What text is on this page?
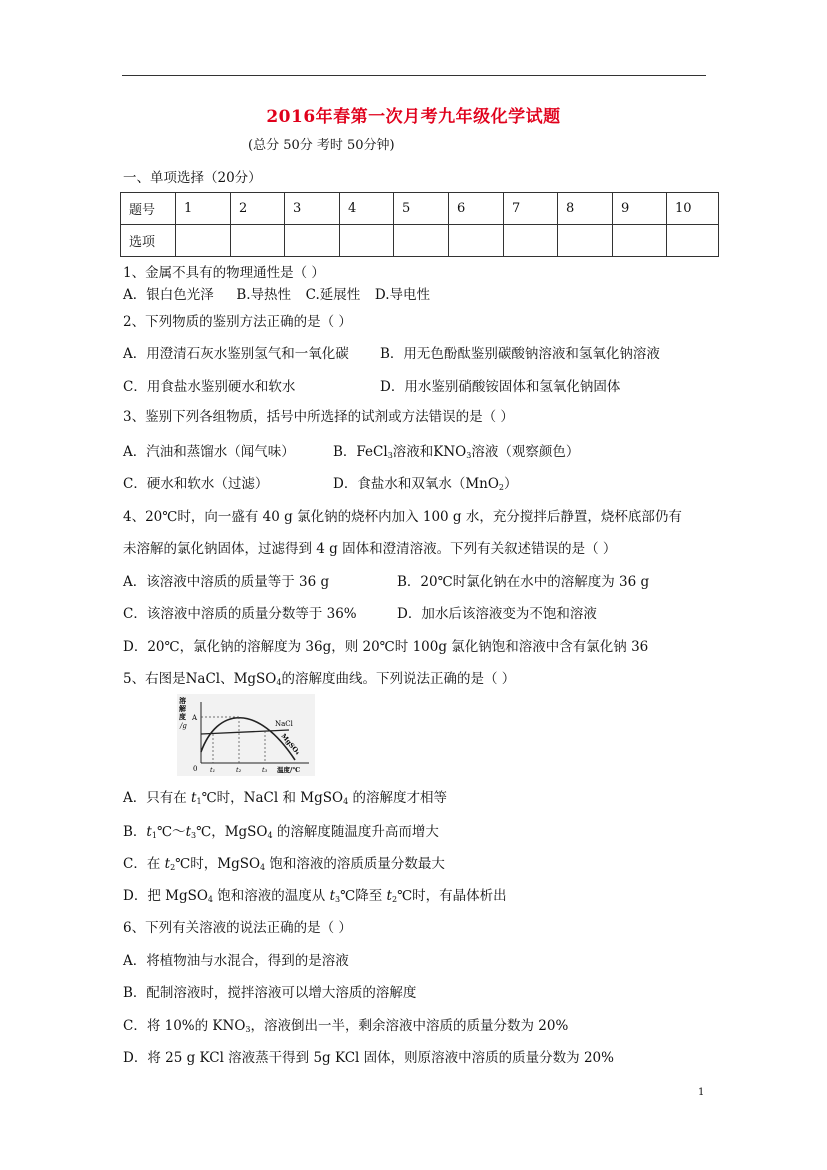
2016年春第一次月考九年级化学试题
(总分 50分 考时 50分钟)
一、单项选择（20分）
题号	1	2	3	4	5	6	7	8	9	10
选项										
1、金属不具有的物理通性是（ ）
A．银白色光泽 B.导热性 C.延展性 D.导电性
2、下列物质的鉴别方法正确的是（ ）
A．用澄清石灰水鉴别氢气和一氧化碳 B．用无色酚酞鉴别碳酸钠溶液和氢氧化钠溶液
C．用食盐水鉴别硬水和软水	D．用水鉴别硝酸铵固体和氢氧化钠固体
3、鉴别下列各组物质，括号中所选择的试剂或方法错误的是（ ）
A．汽油和蒸馏水（闻气味）	B．FeCl$_3$溶液和$KNO_3$溶液（观察颜色）
C．硬水和软水（过滤）	D．食盐水和双氧水（MnO$_2$）
4、20℃时，向一盛有 40 g 氯化钠的烧杯内加入 100 g 水，充分搅拌后静置，烧杯底部仍有
未溶解的氯化钠固体，过滤得到 4 g 固体和澄清溶液。下列有关叙述错误的是（ ）
A．该溶液中溶质的质量等于 36 g	B．20℃时氯化钠在水中的溶解度为 36 g
C．该溶液中溶质的质量分数等于 36%	D．加水后该溶液变为不饱和溶液
D．20℃，氯化钠的溶解度为 36g，则 20℃时 100g 氯化钠饱和溶液中含有氯化钠 36
5、右图是NaCl、MgSO$_4$的溶解度曲线。下列说法正确的是（ ）
溶
解
度
/g
A
0 t₁	t₂	t₃ 温度/℃
NaCl
MgSO₄
A．只有在 $t_1℃$时，NaCl 和 MgSO$_4$ 的溶解度才相等
B．$t_1℃\sim t_3℃$，MgSO$_4$ 的溶解度随温度升高而增大
C．在 $t_2℃$时，MgSO$_4$ 饱和溶液的溶质质量分数最大
D．把 MgSO$_4$ 饱和溶液的温度从 $t_3℃$降至 $t_2℃$时，有晶体析出
6、下列有关溶液的说法正确的是（ ）
A．将植物油与水混合，得到的是溶液
B．配制溶液时，搅拌溶液可以增大溶质的溶解度
C．将 10%的 $KNO_3$，溶液倒出一半，剩余溶液中溶质的质量分数为 20%
D．将 25 g KCl 溶液蒸干得到 5g KCl 固体，则原溶液中溶质的质量分数为 20%
1
